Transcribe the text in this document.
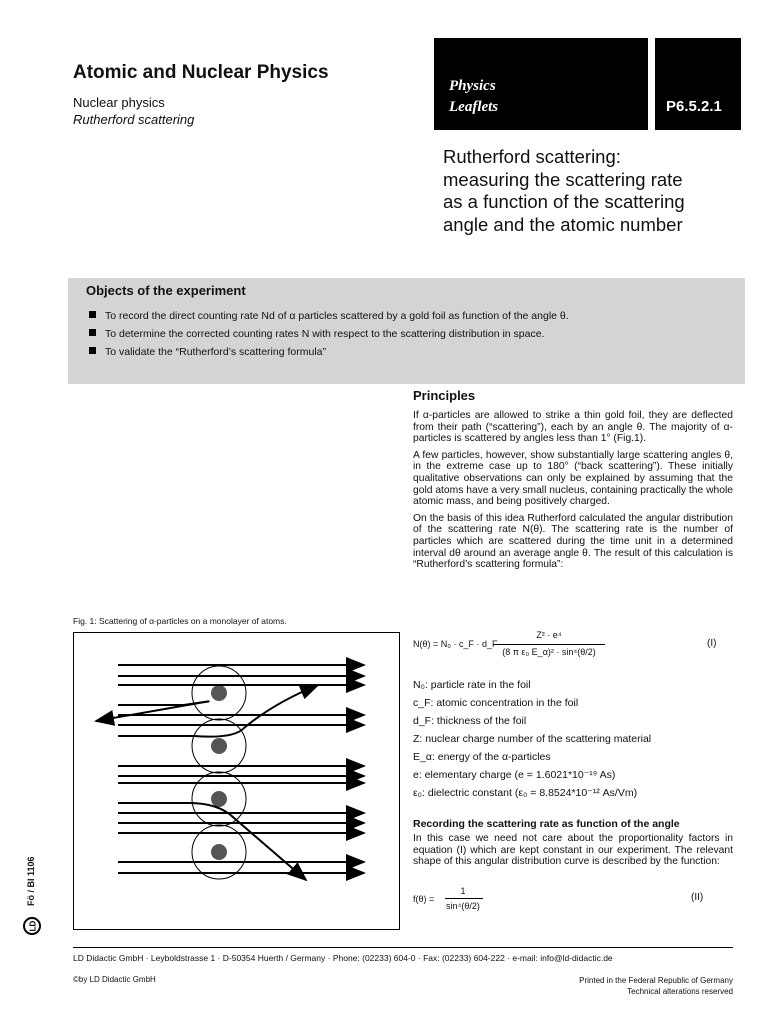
Atomic and Nuclear Physics
Nuclear physics
Rutherford scattering
Physics
Leaflets	P6.5.2.1
Rutherford scattering:
measuring the scattering rate
as a function of the scattering
angle and the atomic number
Objects of the experiment
To record the direct counting rate Nd of α particles scattered by a gold foil as function of the angle θ.
To determine the corrected counting rates N with respect to the scattering distribution in space.
To validate the “Rutherford’s scattering formula”
Principles

If α-particles are allowed to strike a thin gold foil, they are deflected from their path (“scattering”), each by an angle θ. The majority of α-particles is scattered by angles less than 1° (Fig.1).

A few particles, however, show substantially large scattering angles θ, in the extreme case up to 180° (“back scattering”). These initially qualitative observations can only be explained by assuming that the gold atoms have a very small nucleus, containing practically the whole atomic mass, and being positively charged.

On the basis of this idea Rutherford calculated the angular distribution of the scattering rate N(θ). The scattering rate is the number of particles which are scattered during the time unit in a determined interval dθ around an average angle θ. The result of this calculation is “Rutherford’s scattering formula”:

N(θ) = N₀ · c_F · d_F ·
Z² · e⁴
(8 π ε₀ E_α)² · sin⁴(θ/2)
(I)
N₀: particle rate in the foil
c_F: atomic concentration in the foil
d_F: thickness of the foil
Z: nuclear charge number of the scattering material
E_α: energy of the α-particles
e: elementary charge (e = 1.6021*10⁻¹⁹ As)
ε₀: dielectric constant (ε₀ = 8.8524*10⁻¹² As/Vm)
Recording the scattering rate as function of the angle

In this case we need not care about the proportionality factors in equation (I) which are kept constant in our experiment. The relevant shape of this angular distribution curve is described by the function:

f(θ) =
1
sin⁴(θ/2)
(II)
Fig. 1: Scattering of α-particles on a monolayer of atoms.
Fö / BI 1106
LD
LD Didactic GmbH · Leyboldstrasse 1 · D-50354 Huerth / Germany · Phone: (02233) 604-0 · Fax: (02233) 604-222 · e-mail: info@ld-didactic.de
©by LD Didactic GmbH	Printed in the Federal Republic of Germany
Technical alterations reserved
